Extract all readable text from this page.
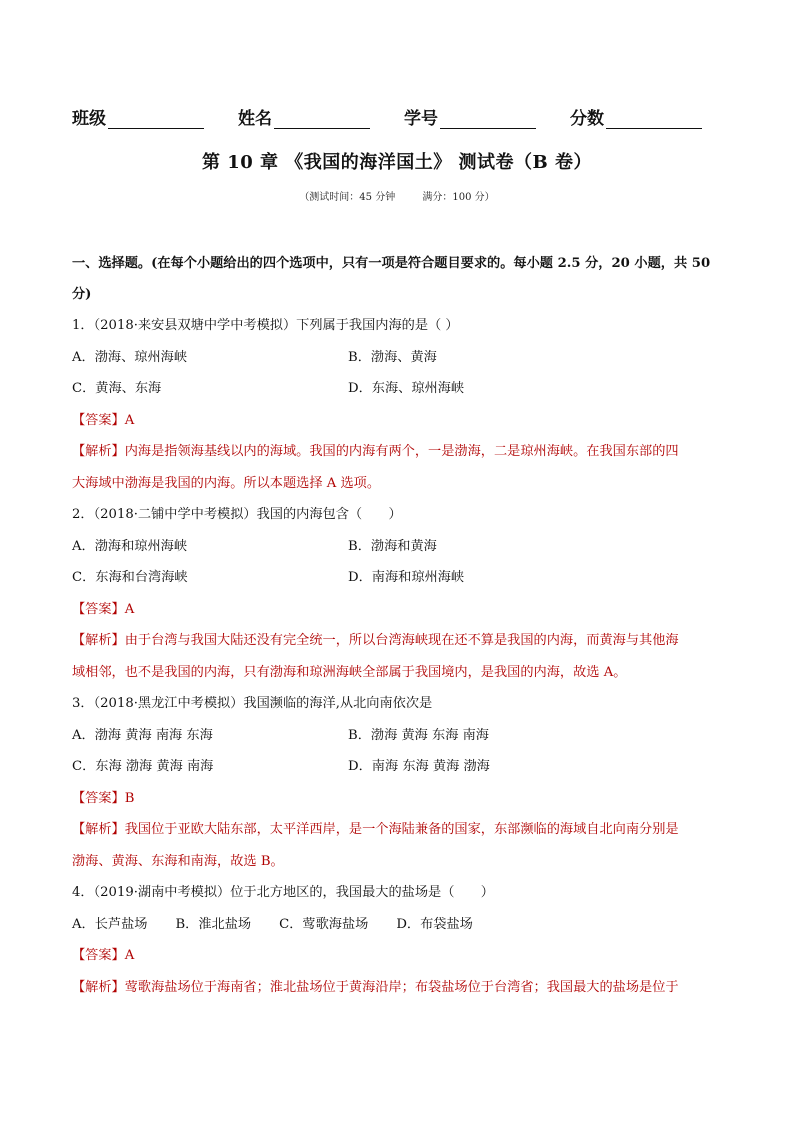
班级	姓名	学号	分数
第 10 章 《我国的海洋国土》 测试卷（B 卷）
（测试时间：45 分钟	满分：100 分）
一、选择题。(在每个小题给出的四个选项中，只有一项是符合题目要求的。每小题 2.5 分，20 小题，共 50
分)
1．（2018·来安县双塘中学中考模拟）下列属于我国内海的是（ ）
A．渤海、琼州海峡	B．渤海、黄海
C．黄海、东海	D．东海、琼州海峡
【答案】A
【解析】内海是指领海基线以内的海域。我国的内海有两个，一是渤海，二是琼州海峡。在我国东部的四
大海域中渤海是我国的内海。所以本题选择 A 选项。
2．（2018·二铺中学中考模拟）我国的内海包含（　　）
A．渤海和琼州海峡	B．渤海和黄海
C．东海和台湾海峡	D．南海和琼州海峡
【答案】A
【解析】由于台湾与我国大陆还没有完全统一，所以台湾海峡现在还不算是我国的内海，而黄海与其他海
域相邻，也不是我国的内海，只有渤海和琼洲海峡全部属于我国境内，是我国的内海，故选 A。
3．（2018·黑龙江中考模拟）我国濒临的海洋,从北向南依次是
A．渤海 黄海 南海 东海	B．渤海 黄海 东海 南海
C．东海 渤海 黄海 南海	D．南海 东海 黄海 渤海
【答案】B
【解析】我国位于亚欧大陆东部，太平洋西岸，是一个海陆兼备的国家，东部濒临的海域自北向南分别是
渤海、黄海、东海和南海，故选 B。
4．（2019·湖南中考模拟）位于北方地区的，我国最大的盐场是（　　）
A．长芦盐场 B．淮北盐场 C．莺歌海盐场 D．布袋盐场
【答案】A
【解析】莺歌海盐场位于海南省；淮北盐场位于黄海沿岸；布袋盐场位于台湾省；我国最大的盐场是位于
